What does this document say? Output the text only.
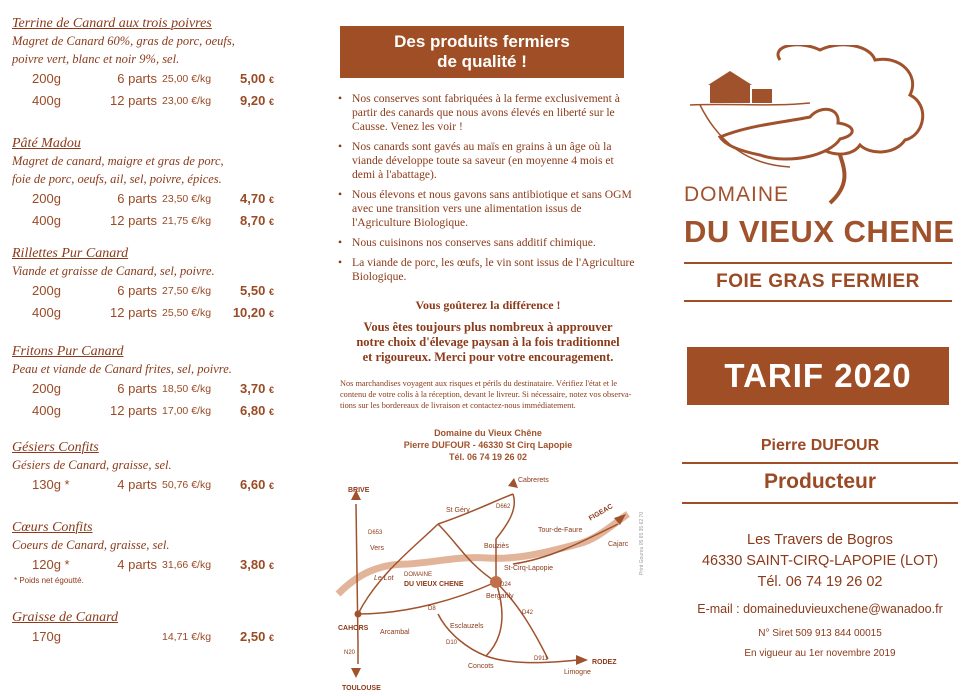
Terrine de Canard aux trois poivres
Magret de Canard 60%, gras de porc, oeufs,
poivre vert, blanc et noir 9%, sel.
200g	6 parts 25,00 €/kg 5,00 €
400g	12 parts 23,00 €/kg 9,20 €
Pâté Madou
Magret de canard, maigre et gras de porc,
foie de porc, oeufs, ail, sel, poivre, épices.
200g	6 parts 23,50 €/kg 4,70 €
400g	12 parts 21,75 €/kg 8,70 €
Rillettes Pur Canard
Viande et graisse de Canard, sel, poivre.
200g	6 parts 27,50 €/kg 5,50 €
400g	12 parts 25,50 €/kg 10,20 €
Fritons Pur Canard
Peau et viande de Canard frites, sel, poivre.
200g	6 parts 18,50 €/kg 3,70 €
400g	12 parts 17,00 €/kg 6,80 €
Gésiers Confits
Gésiers de Canard, graisse, sel.
130g *	4 parts 50,76 €/kg 6,60 €
Cœurs Confits
Coeurs de Canard, graisse, sel.
120g *	4 parts 31,66 €/kg 3,80 €
* Poids net égoutté.
Graisse de Canard
170g	14,71 €/kg 2,50 €
Des produits fermiers
de qualité !
• Nos conserves sont fabriquées à la ferme exclusivement à partir des canards que nous avons élevés en liberté sur le Causse. Venez les voir !
• Nos canards sont gavés au maïs en grains à un âge où la viande développe toute sa saveur (en moyenne 4 mois et demi à l'abattage).
• Nous élevons et nous gavons sans antibiotique et sans OGM avec une transition vers une alimentation issus de l'Agriculture Biologique.
• Nous cuisinons nos conserves sans additif chimique.
• La viande de porc, les œufs, le vin sont issus de l'Agriculture Biologique.
Vous goûterez la différence !
Vous êtes toujours plus nombreux à approuver
notre choix d'élevage paysan à la fois traditionnel
et rigoureux. Merci pour votre encouragement.
Nos marchandises voyagent aux risques et périls du destinataire. Vérifiez l'état et le
contenu de votre colis à la réception, devant le livreur. Si nécessaire, notez vos observa-
tions sur les bordereaux de livraison et contactez-nous immédiatement.
Domaine du Vieux Chêne
Pierre DUFOUR - 46330 St Cirq Lapopie
Tél. 06 74 19 26 02
BRIVE
CAHORS
TOULOUSE
RODEZ
FIGEAC
Cabrerets
Vers
St Géry
Bouziès
Tour-de-Faure
Cajarc
St-Cirq-Lapopie
Bergarily
Arcambal
Esclauzels
Concots
Limogne
Le Lot DOMAINE
DU VIEUX CHENE
D653
D662
D8
D10
D42
D911
N20
D24
Print Gourou 05 65 35 62 70
DOMAINE
DU VIEUX CHENE
FOIE GRAS FERMIER
TARIF 2020
Pierre DUFOUR
Producteur
Les Travers de Bogros
46330 SAINT-CIRQ-LAPOPIE (LOT)
Tél. 06 74 19 26 02
E-mail : domaineduvieuxchene@wanadoo.fr
N° Siret 509 913 844 00015
En vigueur au 1er novembre 2019
